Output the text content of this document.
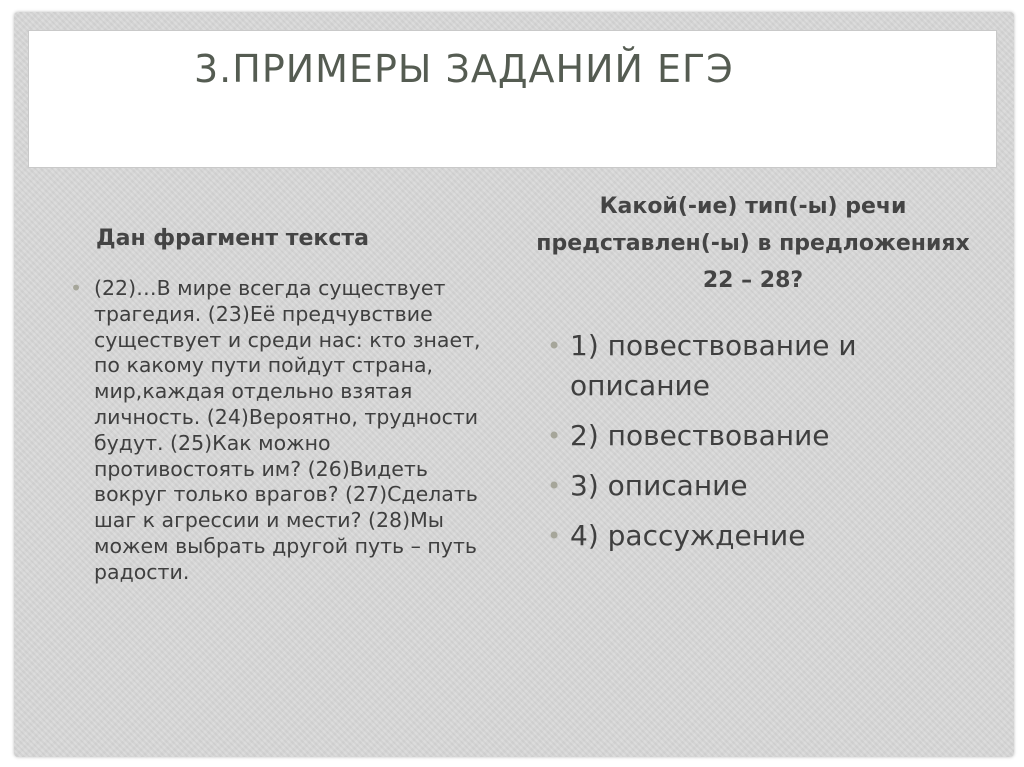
3.ПРИМЕРЫ ЗАДАНИЙ ЕГЭ
Дан фрагмент текста
• (22)…В мире всегда существует трагедия. (23)Её предчувствие существует и среди нас: кто знает, по какому пути пойдут страна, мир,каждая отдельно взятая личность. (24)Вероятно, трудности будут. (25)Как можно противостоять им? (26)Видеть вокруг только врагов? (27)Сделать шаг к агрессии и мести? (28)Мы можем выбрать другой путь – путь радости.
Какой(-ие) тип(-ы) речи представлен(-ы) в предложениях 22 – 28?
• 1) повествование и описание
• 2) повествование
• 3) описание
• 4) рассуждение
